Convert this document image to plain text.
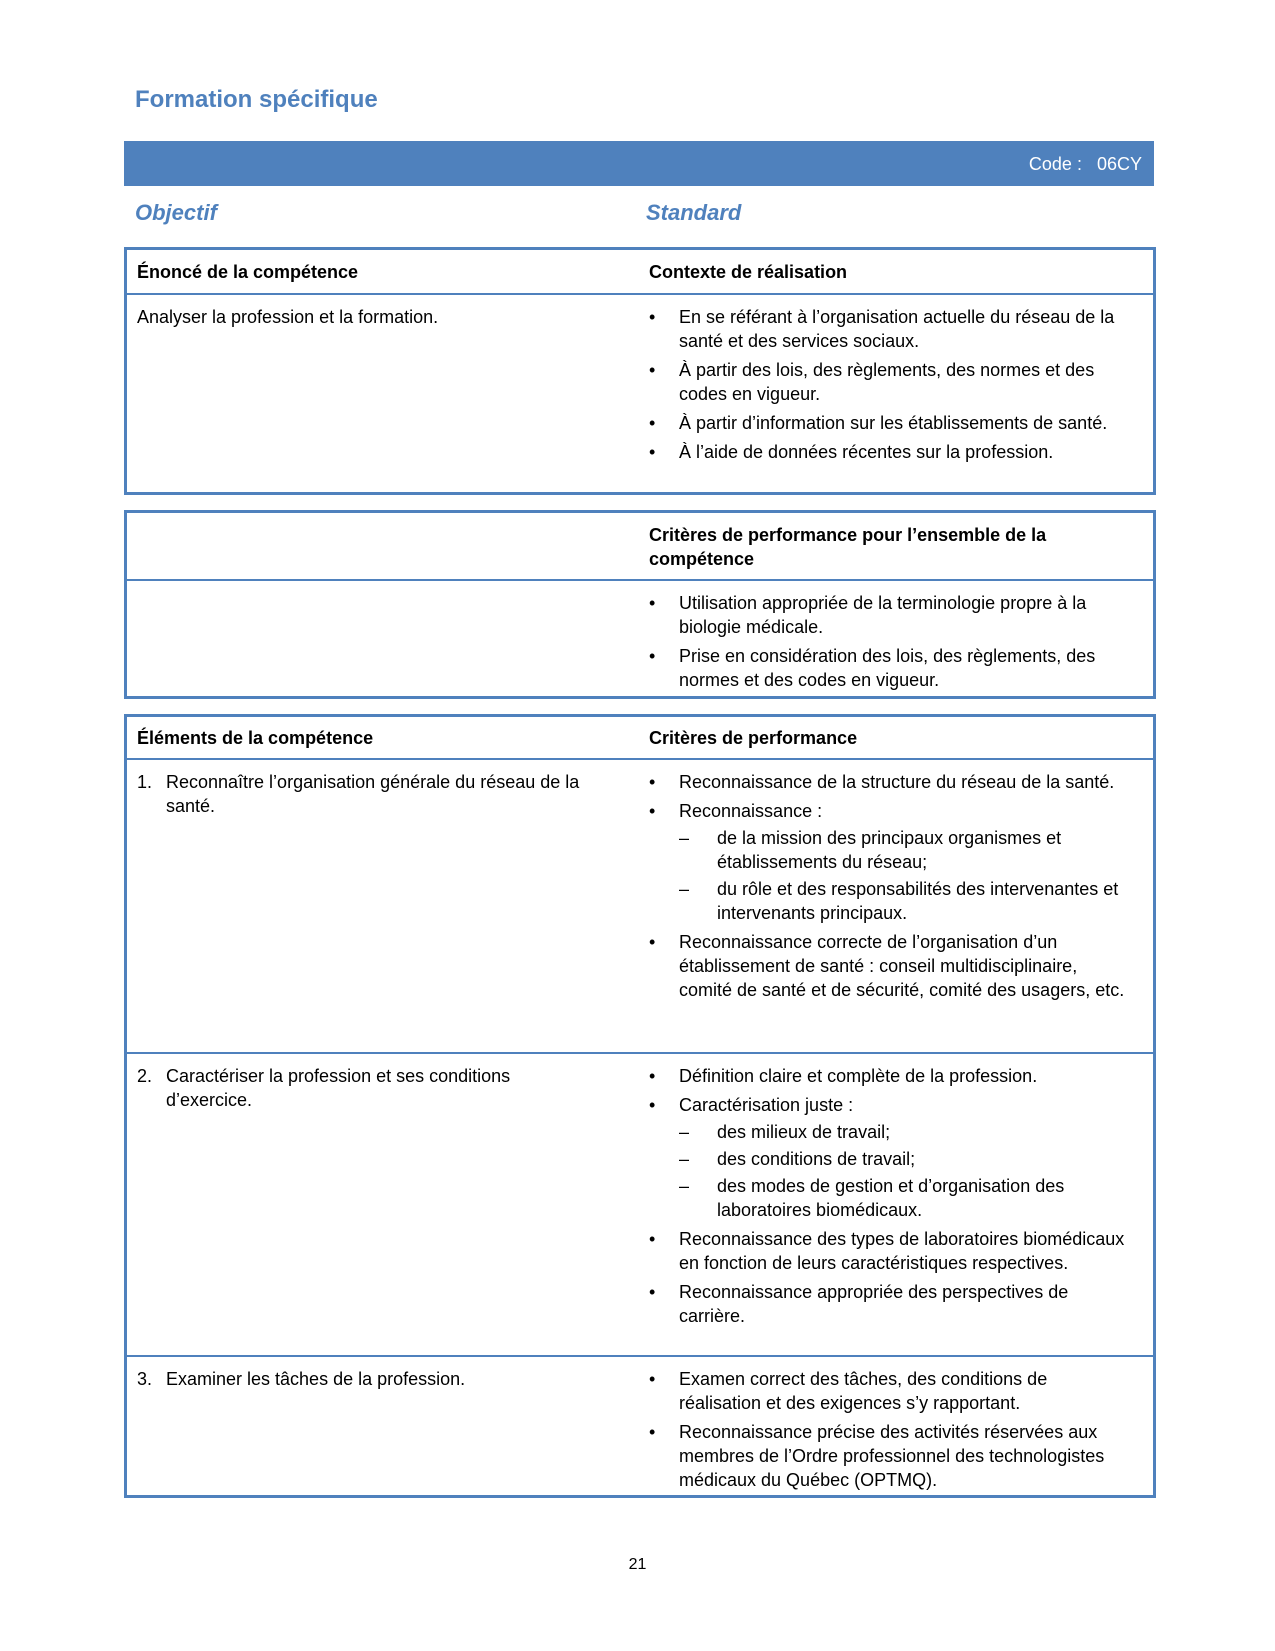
Formation spécifique
Code : 06CY
Objectif	Standard
Énoncé de la compétence	Contexte de réalisation
Analyser la profession et la formation.	• En se référant à l’organisation actuelle du réseau de la santé et des services sociaux.
• À partir des lois, des règlements, des normes et des codes en vigueur.
• À partir d’information sur les établissements de santé.
• À l’aide de données récentes sur la profession.
Critères de performance pour l’ensemble de la compétence
• Utilisation appropriée de la terminologie propre à la biologie médicale.
• Prise en considération des lois, des règlements, des normes et des codes en vigueur.
Éléments de la compétence	Critères de performance
1. Reconnaître l’organisation générale du réseau de la santé.
• Reconnaissance de la structure du réseau de la santé.
• Reconnaissance :
– de la mission des principaux organismes et établissements du réseau;
– du rôle et des responsabilités des intervenantes et intervenants principaux.
• Reconnaissance correcte de l’organisation d’un établissement de santé : conseil multidisciplinaire, comité de santé et de sécurité, comité des usagers, etc.
2. Caractériser la profession et ses conditions d’exercice.
• Définition claire et complète de la profession.
• Caractérisation juste :
– des milieux de travail;
– des conditions de travail;
– des modes de gestion et d’organisation des laboratoires biomédicaux.
• Reconnaissance des types de laboratoires biomédicaux en fonction de leurs caractéristiques respectives.
• Reconnaissance appropriée des perspectives de carrière.
3. Examiner les tâches de la profession.	• Examen correct des tâches, des conditions de réalisation et des exigences s’y rapportant.
• Reconnaissance précise des activités réservées aux membres de l’Ordre professionnel des technologistes médicaux du Québec (OPTMQ).
21
